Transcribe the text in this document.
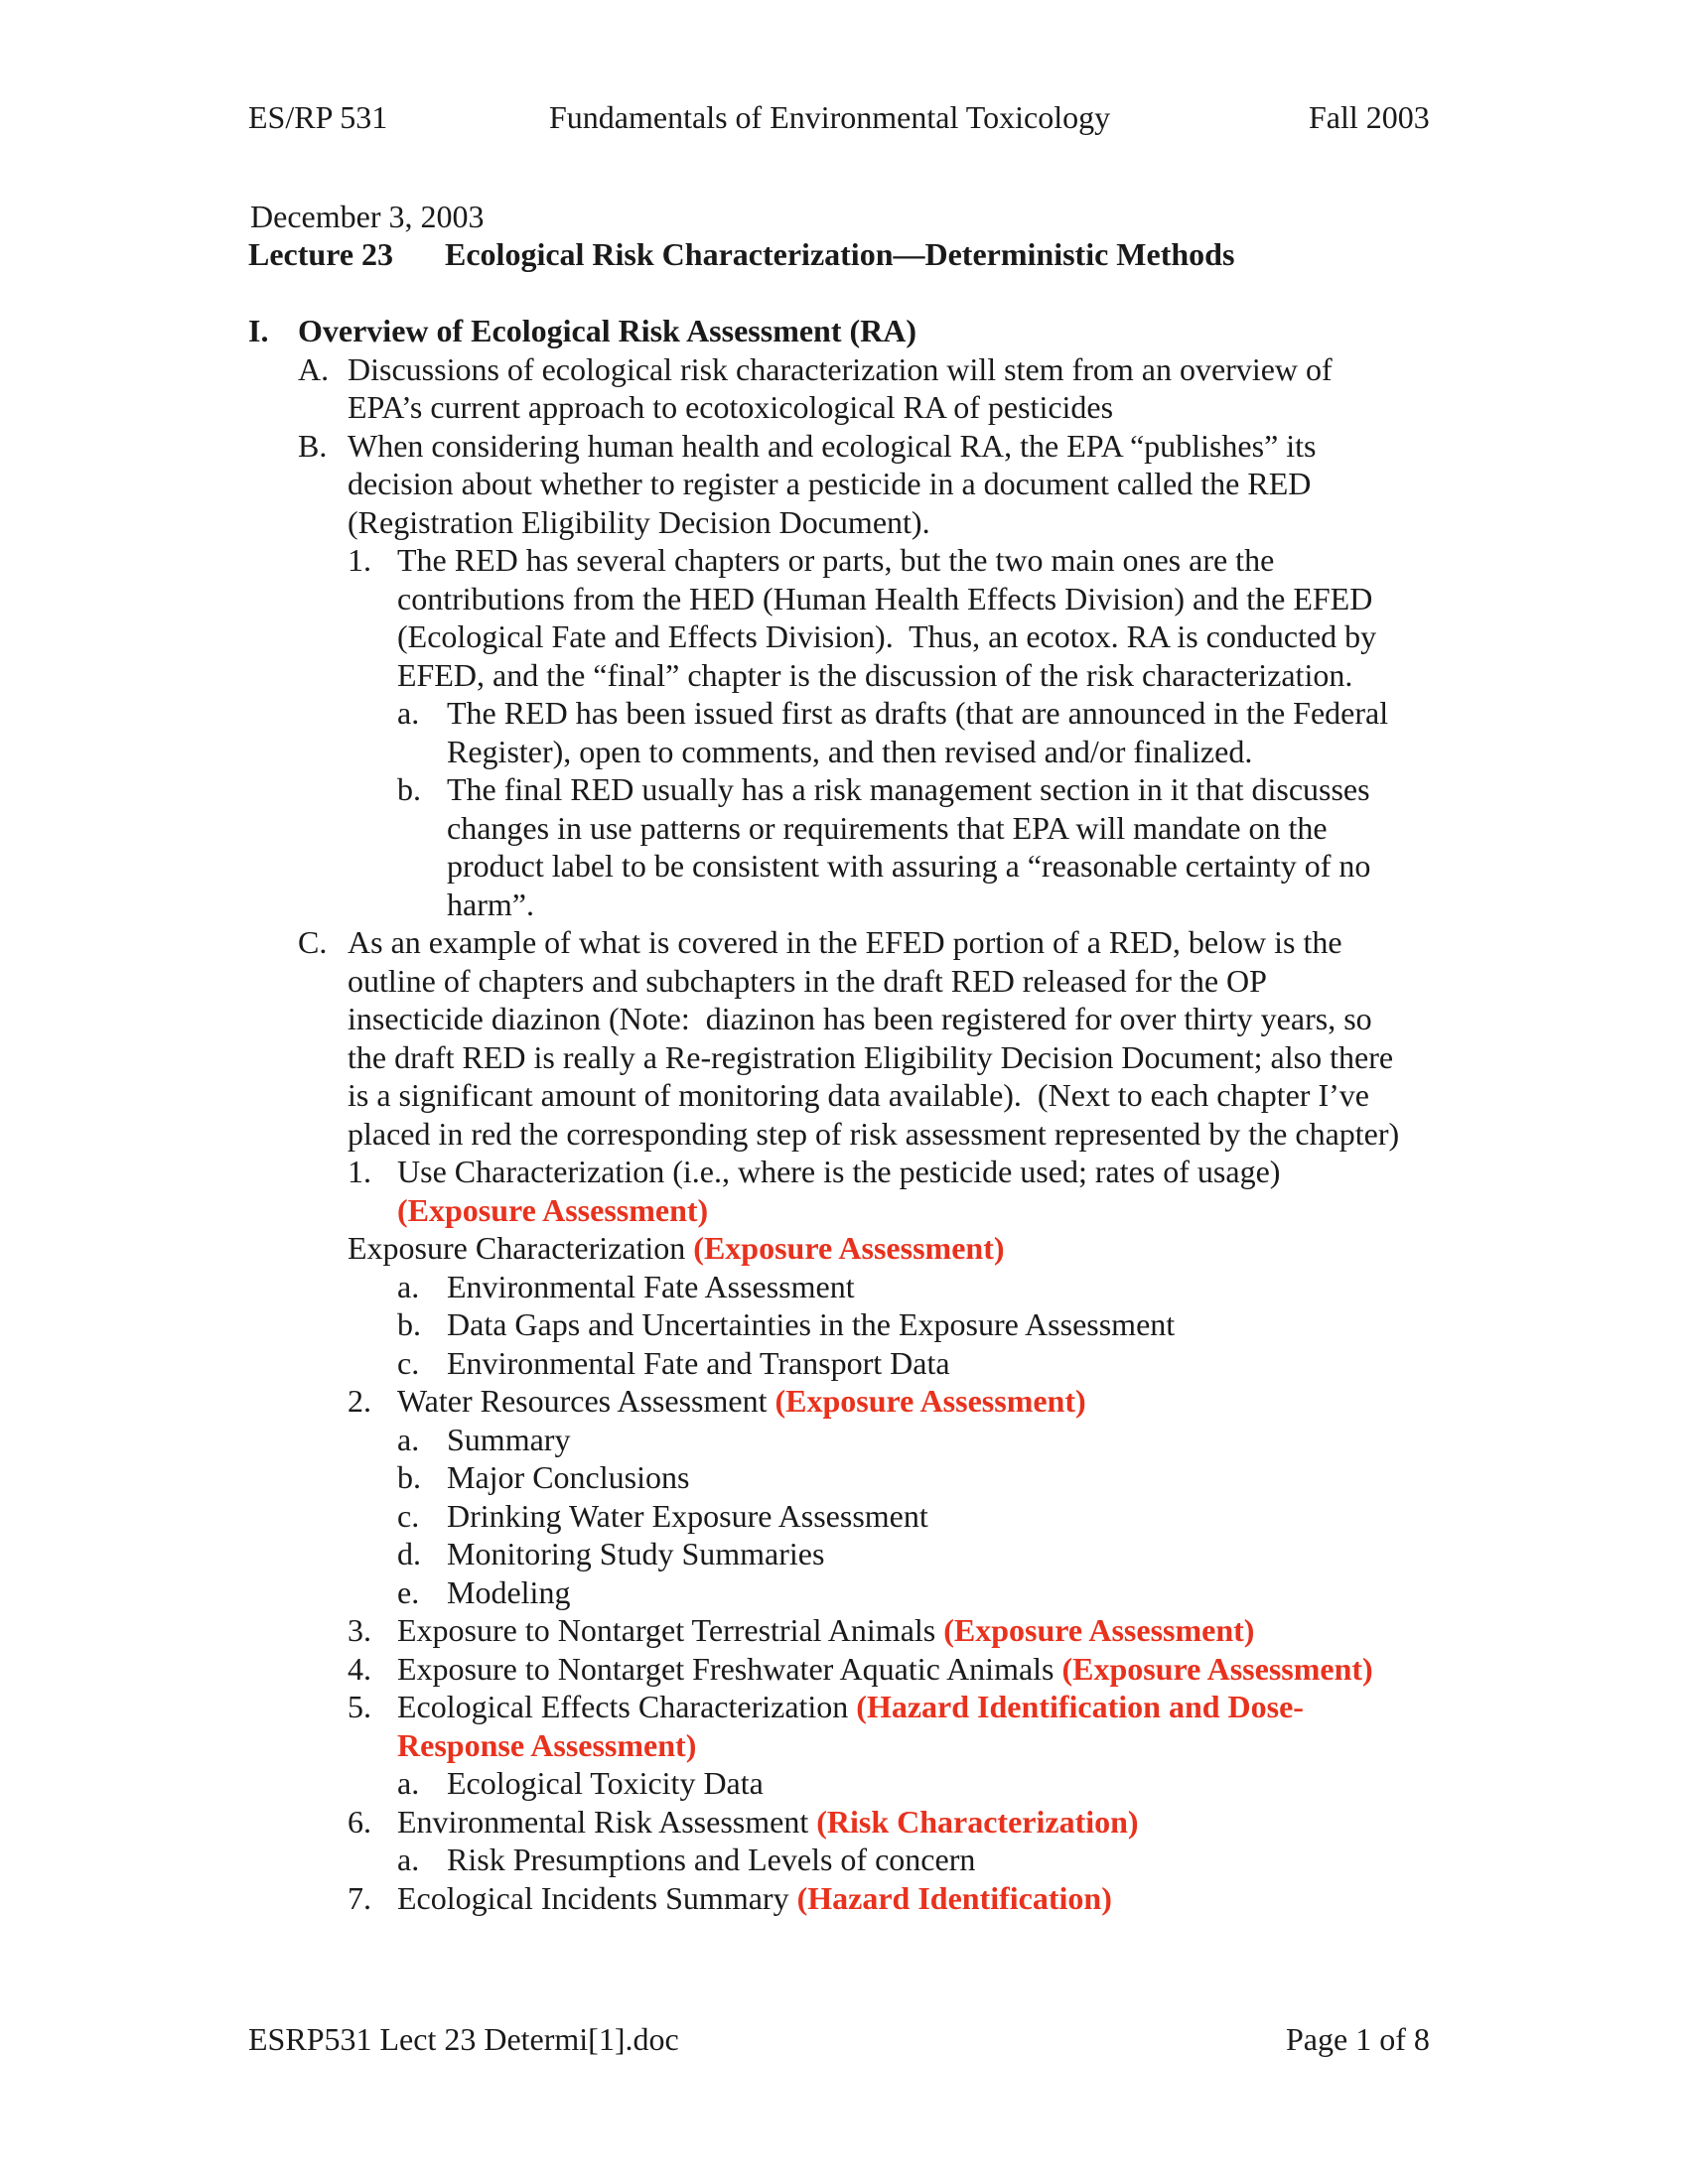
ES/RP 531	Fundamentals of Environmental Toxicology	Fall 2003
December 3, 2003
Lecture 23 Ecological Risk Characterization—Deterministic Methods
I. Overview of Ecological Risk Assessment (RA)
A. Discussions of ecological risk characterization will stem from an overview of
EPA’s current approach to ecotoxicological RA of pesticides
B. When considering human health and ecological RA, the EPA “publishes” its
decision about whether to register a pesticide in a document called the RED
(Registration Eligibility Decision Document).
1. The RED has several chapters or parts, but the two main ones are the
contributions from the HED (Human Health Effects Division) and the EFED
(Ecological Fate and Effects Division).  Thus, an ecotox. RA is conducted by
EFED, and the “final” chapter is the discussion of the risk characterization.
a. The RED has been issued first as drafts (that are announced in the Federal
Register), open to comments, and then revised and/or finalized.
b. The final RED usually has a risk management section in it that discusses
changes in use patterns or requirements that EPA will mandate on the
product label to be consistent with assuring a “reasonable certainty of no
harm”.
C. As an example of what is covered in the EFED portion of a RED, below is the
outline of chapters and subchapters in the draft RED released for the OP
insecticide diazinon (Note:  diazinon has been registered for over thirty years, so
the draft RED is really a Re-registration Eligibility Decision Document; also there
is a significant amount of monitoring data available).  (Next to each chapter I’ve
placed in red the corresponding step of risk assessment represented by the chapter)
1. Use Characterization (i.e., where is the pesticide used; rates of usage)
(Exposure Assessment)
Exposure Characterization (Exposure Assessment)
a. Environmental Fate Assessment
b. Data Gaps and Uncertainties in the Exposure Assessment
c. Environmental Fate and Transport Data
2. Water Resources Assessment (Exposure Assessment)
a. Summary
b. Major Conclusions
c. Drinking Water Exposure Assessment
d. Monitoring Study Summaries
e. Modeling
3. Exposure to Nontarget Terrestrial Animals (Exposure Assessment)
4. Exposure to Nontarget Freshwater Aquatic Animals (Exposure Assessment)
5. Ecological Effects Characterization (Hazard Identification and Dose-
Response Assessment)
a. Ecological Toxicity Data
6. Environmental Risk Assessment (Risk Characterization)
a. Risk Presumptions and Levels of concern
7. Ecological Incidents Summary (Hazard Identification)
ESRP531 Lect 23 Determi[1].doc	Page 1 of 8
